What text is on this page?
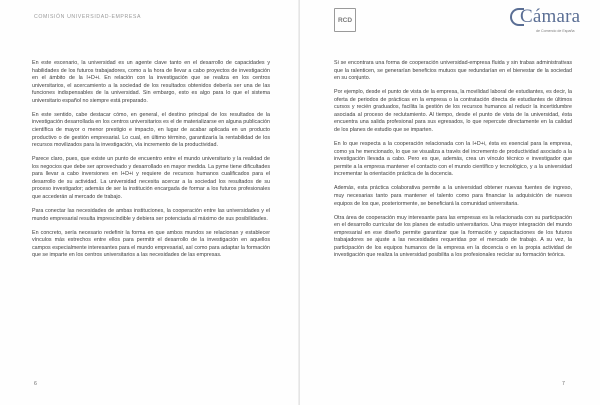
COMISIÓN UNIVERSIDAD-EMPRESA

En este escenario, la universidad es un agente clave tanto en el desarrollo de capacidades y habilidades de los futuros trabajadores, como a la hora de llevar a cabo proyectos de investigación en el ámbito de la I+D+i. En relación con la investigación que se realiza en los centros universitarios, el acercamiento a la sociedad de los resultados obtenidos debería ser una de las funciones indispensables de la universidad. Sin embargo, esto es algo para lo que el sistema universitario español no siempre está preparado.

En este sentido, cabe destacar cómo, en general, el destino principal de los resultados de la investigación desarrollada en los centros universitarios es el de materializarse en alguna publicación científica de mayor o menor prestigio e impacto, en lugar de acabar aplicada en un producto productivo o de gestión empresarial. Lo cual, en último término, garantizaría la rentabilidad de los recursos movilizados para la investigación, vía incremento de la productividad.

Parece claro, pues, que existe un punto de encuentro entre el mundo universitario y la realidad de los negocios que debe ser aprovechado y desarrollado en mayor medida. La pyme tiene dificultades para llevar a cabo inversiones en I+D+i y requiere de recursos humanos cualificados para el desarrollo de su actividad. La universidad necesita acercar a la sociedad los resultados de su proceso investigador; además de ser la institución encargada de formar a los futuros profesionales que accederán al mercado de trabajo.

Para conectar las necesidades de ambas instituciones, la cooperación entre las universidades y el mundo empresarial resulta imprescindible y debiera ser potenciada al máximo de sus posibilidades.

En concreto, sería necesario redefinir la forma en que ambos mundos se relacionan y establecer vínculos más estrechos entre ellos para permitir el desarrollo de la investigación en aquellos campos especialmente interesantes para el mundo empresarial, así como para adaptar la formación que se imparte en los centros universitarios a las necesidades de las empresas.

6

Si se encontrara una forma de cooperación universidad-empresa fluida y sin trabas administrativas que la ralenticen, se generarían beneficios mutuos que redundarían en el bienestar de la sociedad en su conjunto.

Por ejemplo, desde el punto de vista de la empresa, la movilidad laboral de estudiantes, es decir, la oferta de periodos de prácticas en la empresa o la contratación directa de estudiantes de últimos cursos y recién graduados, facilita la gestión de los recursos humanos al reducir la incertidumbre asociada al proceso de reclutamiento. Al tiempo, desde el punto de vista de la universidad, ésta encuentra una salida profesional para sus egresados, lo que repercute directamente en la calidad de los planes de estudio que se imparten.

En lo que respecta a la cooperación relacionada con la I+D+i, ésta es esencial para la empresa, como ya he mencionado, lo que se visualiza a través del incremento de productividad asociado a la investigación llevada a cabo. Pero es que, además, crea un vínculo técnico e investigador que permite a la empresa mantener el contacto con el mundo científico y tecnológico, y a la universidad incrementar la orientación práctica de la docencia.

Además, esta práctica colaborativa permite a la universidad obtener nuevas fuentes de ingreso, muy necesarias tanto para mantener el talento como para financiar la adquisición de nuevos equipos de los que, posteriormente, se beneficiará la comunidad universitaria.

Otra área de cooperación muy interesante para las empresas es la relacionada con su participación en el desarrollo curricular de los planes de estudio universitarios. Una mayor integración del mundo empresarial en ese diseño permite garantizar que la formación y capacitaciones de los futuros trabajadores se ajuste a las necesidades requeridas por el mercado de trabajo. A su vez, la participación de los equipos humanos de la empresa en la docencia o en la propia actividad de investigación que realiza la universidad posibilita a los profesionales reciclar su formación teórica.

7
RCD	Cámara
de Comercio de España
